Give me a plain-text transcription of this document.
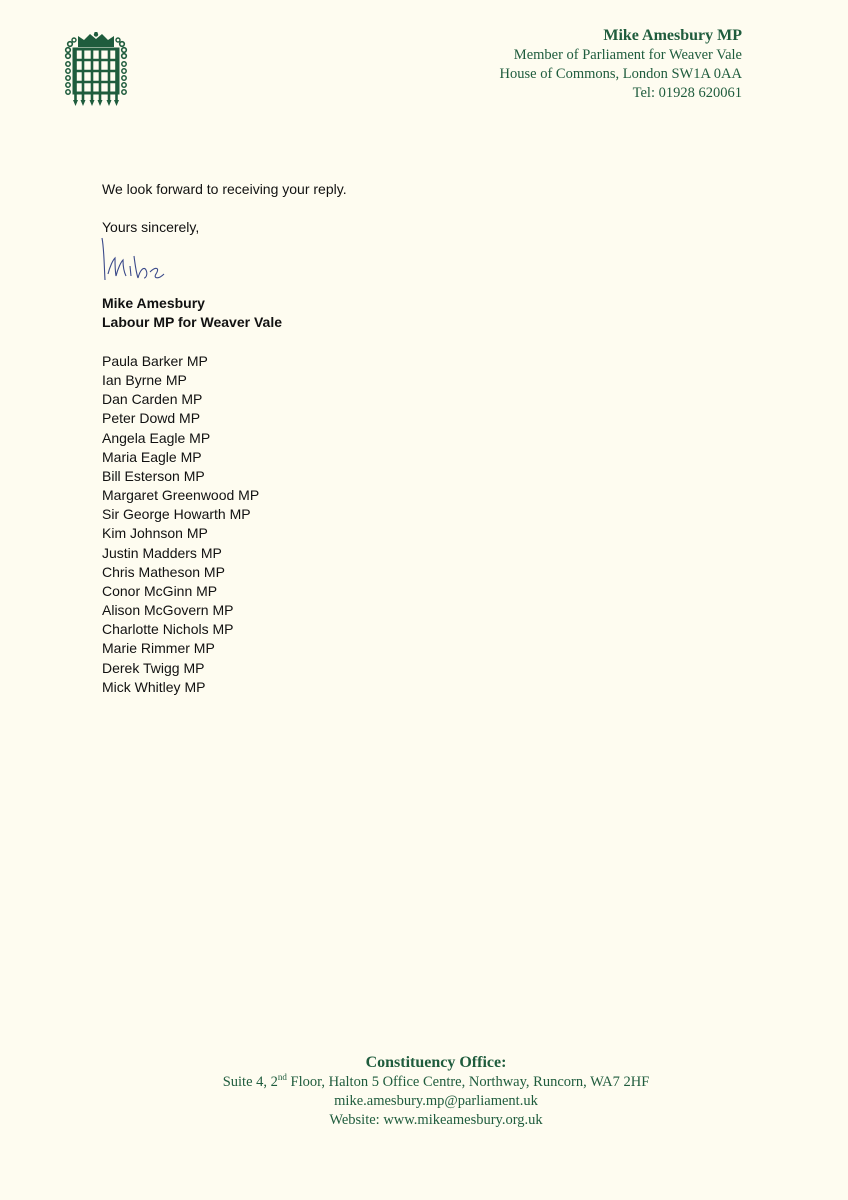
Mike Amesbury MP
Member of Parliament for Weaver Vale
House of Commons, London SW1A 0AA
Tel: 01928 620061
We look forward to receiving your reply.
Yours sincerely,
Mike Amesbury
Labour MP for Weaver Vale
Paula Barker MP
Ian Byrne MP
Dan Carden MP
Peter Dowd MP
Angela Eagle MP
Maria Eagle MP
Bill Esterson MP
Margaret Greenwood MP
Sir George Howarth MP
Kim Johnson MP
Justin Madders MP
Chris Matheson MP
Conor McGinn MP
Alison McGovern MP
Charlotte Nichols MP
Marie Rimmer MP
Derek Twigg MP
Mick Whitley MP
Constituency Office:
Suite 4, 2nd Floor, Halton 5 Office Centre, Northway, Runcorn, WA7 2HF
mike.amesbury.mp@parliament.uk
Website: www.mikeamesbury.org.uk
